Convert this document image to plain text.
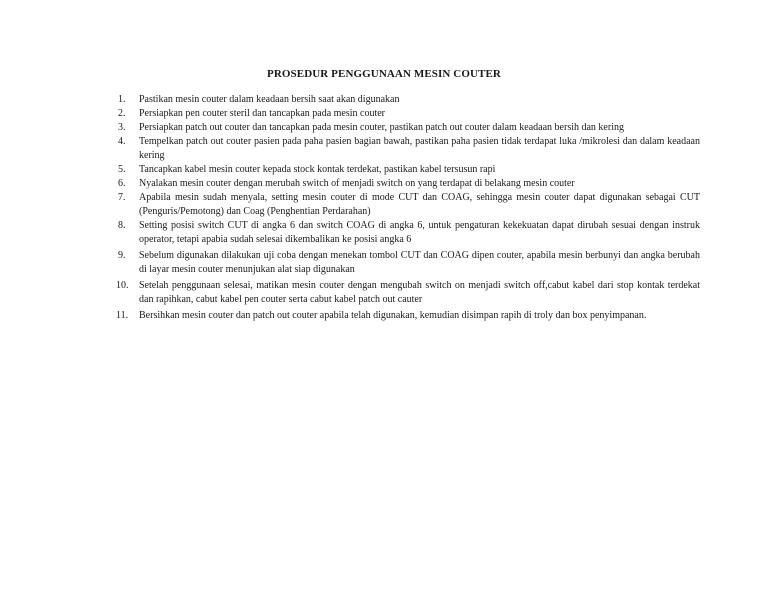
PROSEDUR PENGGUNAAN MESIN COUTER
1.	Pastikan mesin couter dalam keadaan bersih saat akan digunakan
2.	Persiapkan pen couter steril dan tancapkan pada mesin couter
3.	Persiapkan patch out couter dan tancapkan pada mesin couter, pastikan patch out couter dalam keadaan bersih dan kering
4.	Tempelkan patch out couter pasien pada paha pasien bagian bawah, pastikan paha pasien tidak terdapat luka /mikrolesi dan dalam keadaan kering
5.	Tancapkan kabel mesin couter kepada stock kontak terdekat, pastikan kabel tersusun rapi
6.	Nyalakan mesin couter dengan merubah switch of menjadi switch on yang terdapat di belakang mesin couter
7.	Apabila mesin sudah menyala, setting mesin couter di mode CUT dan COAG, sehingga mesin couter dapat digunakan sebagai CUT (Penguris/Pemotong) dan Coag (Penghentian Perdarahan)
8.	Setting posisi switch CUT di angka 6 dan switch COAG di angka 6, untuk pengaturan kekekuatan dapat dirubah sesuai dengan instruk operator, tetapi apabia sudah selesai dikembalikan ke posisi angka 6
9.	Sebelum digunakan dilakukan uji coba dengan menekan tombol CUT dan COAG dipen couter, apabila mesin berbunyi dan angka berubah di layar mesin couter menunjukan alat siap digunakan
10.	Setelah penggunaan selesai, matikan mesin couter dengan mengubah switch on menjadi switch off,cabut kabel dari stop kontak terdekat dan rapihkan, cabut kabel pen couter serta cabut kabel patch out cauter
11.	Bersihkan mesin couter dan patch out couter apabila telah digunakan, kemudian disimpan rapih di troly dan box penyimpanan.
